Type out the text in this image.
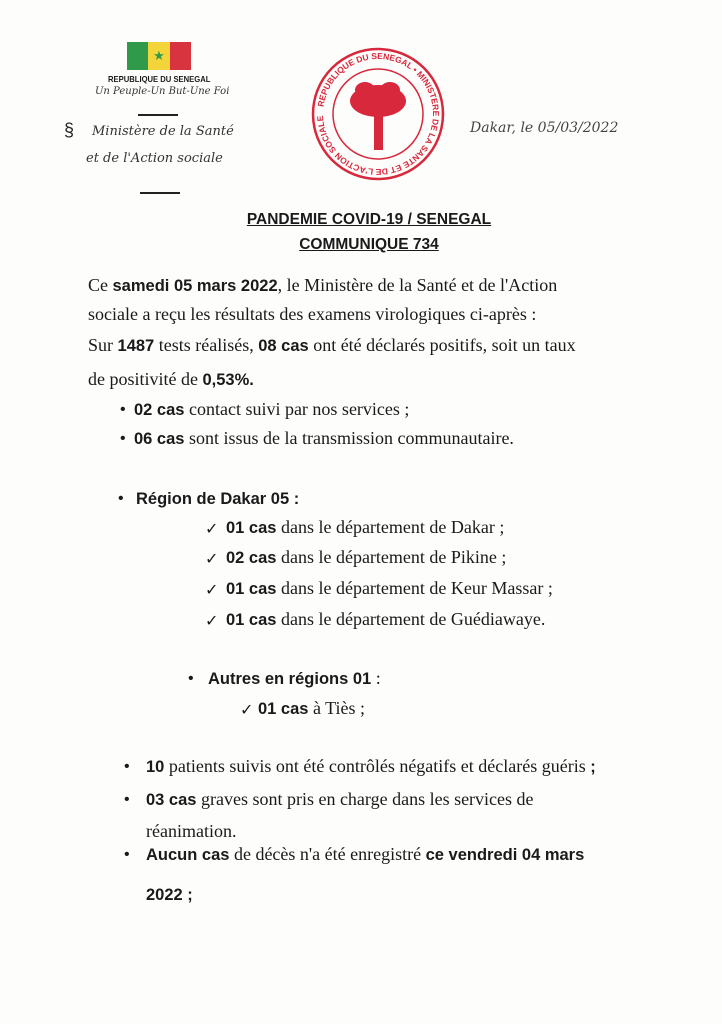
★
REPUBLIQUE DU SENEGAL
Un Peuple-Un But-Une Foi
§ Ministère de la Santé
et de l'Action sociale
REPUBLIQUE DU SENEGAL • MINISTERE DE LA SANTE ET DE L'ACTION SOCIALE
Dakar, le 05/03/2022
PANDEMIE COVID-19 / SENEGAL
COMMUNIQUE 734
Ce samedi 05 mars 2022, le Ministère de la Santé et de l'Action
sociale a reçu les résultats des examens virologiques ci-après :
Sur 1487 tests réalisés, 08 cas ont été déclarés positifs, soit un taux
de positivité de 0,53%.
• 02 cas contact suivi par nos services ;
• 06 cas sont issus de la transmission communautaire.
• Région de Dakar 05 :
✓ 01 cas dans le département de Dakar ;
✓ 02 cas dans le département de Pikine ;
✓ 01 cas dans le département de Keur Massar ;
✓ 01 cas dans le département de Guédiawaye.
• Autres en régions 01 :
✓ 01 cas à Tiès ;
• 10 patients suivis ont été contrôlés négatifs et déclarés guéris ;
• 03 cas graves sont pris en charge dans les services de
réanimation.
• Aucun cas de décès n'a été enregistré ce vendredi 04 mars
2022 ;
